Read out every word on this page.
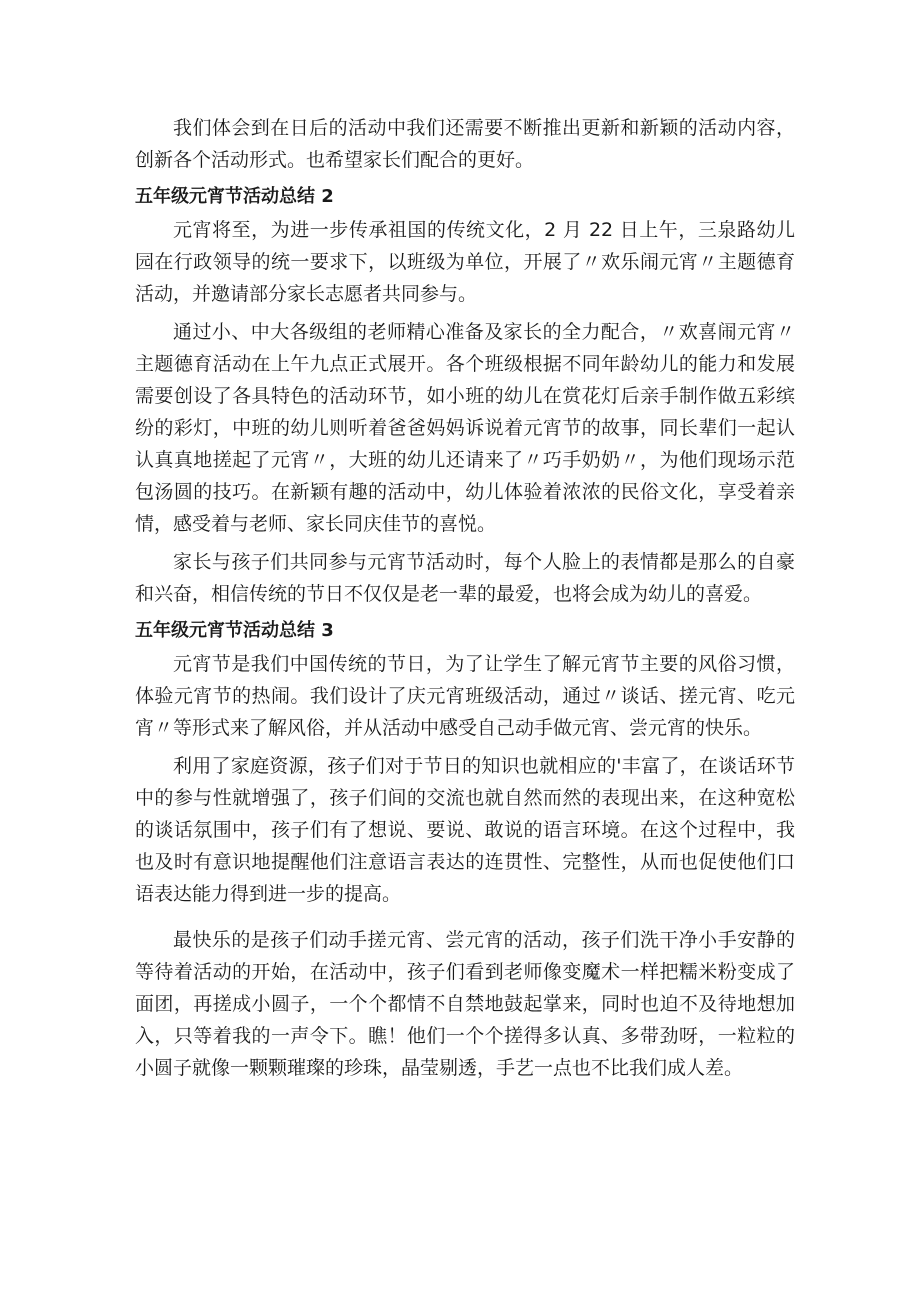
我们体会到在日后的活动中我们还需要不断推出更新和新颖的活动内容，创新各个活动形式。也希望家长们配合的更好。

五年级元宵节活动总结 2

元宵将至，为进一步传承祖国的传统文化，2 月 22 日上午，三泉路幼儿园在行政领导的统一要求下，以班级为单位，开展了〃欢乐闹元宵〃主题德育活动，并邀请部分家长志愿者共同参与。

通过小、中大各级组的老师精心准备及家长的全力配合，〃欢喜闹元宵〃主题德育活动在上午九点正式展开。各个班级根据不同年龄幼儿的能力和发展需要创设了各具特色的活动环节，如小班的幼儿在赏花灯后亲手制作做五彩缤纷的彩灯，中班的幼儿则听着爸爸妈妈诉说着元宵节的故事，同长辈们一起认认真真地搓起了元宵〃，大班的幼儿还请来了〃巧手奶奶〃，为他们现场示范包汤圆的技巧。在新颖有趣的活动中，幼儿体验着浓浓的民俗文化，享受着亲情，感受着与老师、家长同庆佳节的喜悦。

家长与孩子们共同参与元宵节活动时，每个人脸上的表情都是那么的自豪和兴奋，相信传统的节日不仅仅是老一辈的最爱，也将会成为幼儿的喜爱。

五年级元宵节活动总结 3

元宵节是我们中国传统的节日，为了让学生了解元宵节主要的风俗习惯，体验元宵节的热闹。我们设计了庆元宵班级活动，通过〃谈话、搓元宵、吃元宵〃等形式来了解风俗，并从活动中感受自己动手做元宵、尝元宵的快乐。

利用了家庭资源，孩子们对于节日的知识也就相应的'丰富了，在谈话环节中的参与性就增强了，孩子们间的交流也就自然而然的表现出来，在这种宽松的谈话氛围中，孩子们有了想说、要说、敢说的语言环境。在这个过程中，我也及时有意识地提醒他们注意语言表达的连贯性、完整性，从而也促使他们口语表达能力得到进一步的提高。

最快乐的是孩子们动手搓元宵、尝元宵的活动，孩子们洗干净小手安静的等待着活动的开始，在活动中，孩子们看到老师像变魔术一样把糯米粉变成了面团，再搓成小圆子，一个个都情不自禁地鼓起掌来，同时也迫不及待地想加入，只等着我的一声令下。瞧！他们一个个搓得多认真、多带劲呀，一粒粒的小圆子就像一颗颗璀璨的珍珠，晶莹剔透，手艺一点也不比我们成人差。
